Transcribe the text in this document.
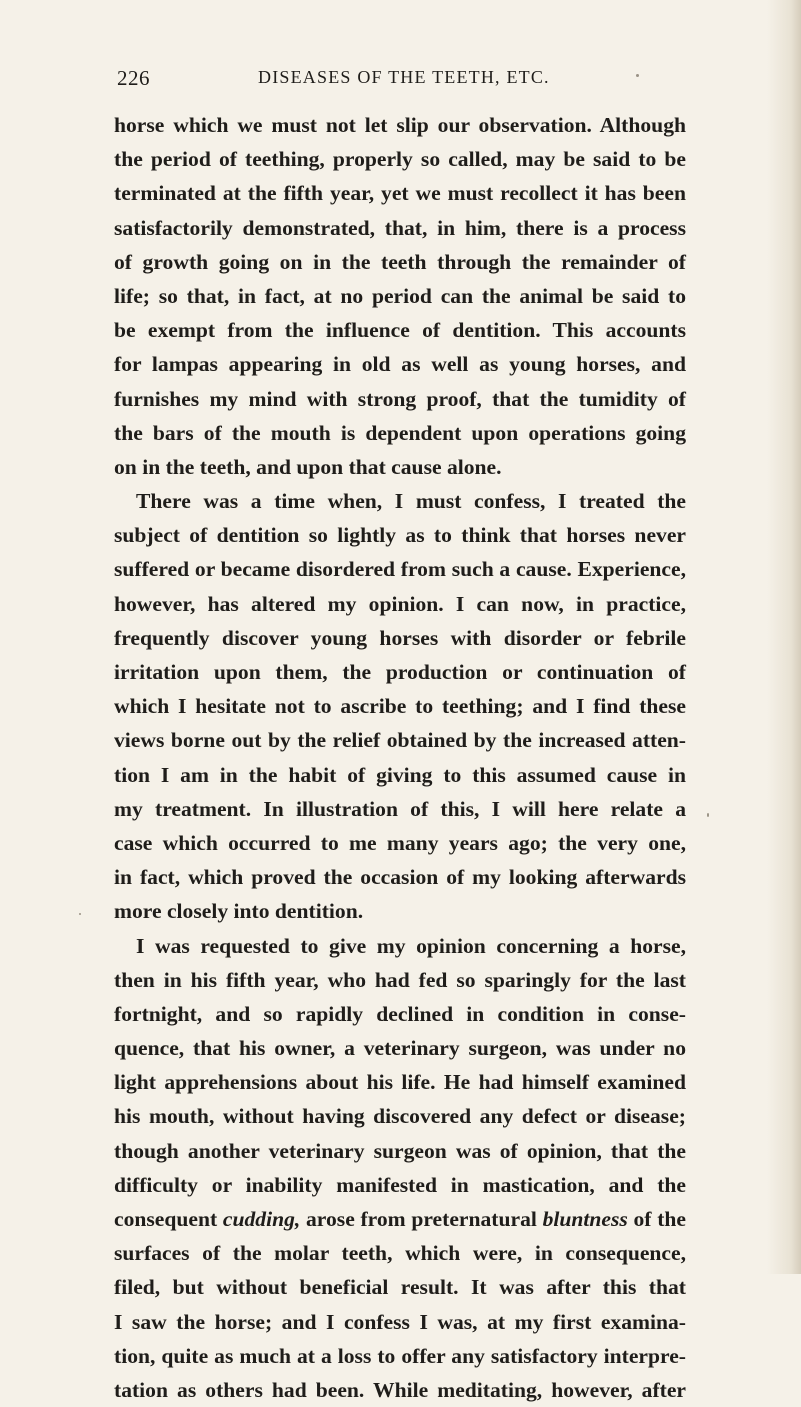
226	DISEASES OF THE TEETH, ETC.
horse which we must not let slip our observation. Although
the period of teething, properly so called, may be said to be
terminated at the fifth year, yet we must recollect it has been
satisfactorily demonstrated, that, in him, there is a process
of growth going on in the teeth through the remainder of
life; so that, in fact, at no period can the animal be said to
be exempt from the influence of dentition. This accounts
for lampas appearing in old as well as young horses, and
furnishes my mind with strong proof, that the tumidity of
the bars of the mouth is dependent upon operations going
on in the teeth, and upon that cause alone.
There was a time when, I must confess, I treated the
subject of dentition so lightly as to think that horses never
suffered or became disordered from such a cause. Experience,
however, has altered my opinion. I can now, in practice,
frequently discover young horses with disorder or febrile
irritation upon them, the production or continuation of
which I hesitate not to ascribe to teething; and I find these
views borne out by the relief obtained by the increased atten-
tion I am in the habit of giving to this assumed cause in
my treatment. In illustration of this, I will here relate a
case which occurred to me many years ago; the very one,
in fact, which proved the occasion of my looking afterwards
more closely into dentition.
I was requested to give my opinion concerning a horse,
then in his fifth year, who had fed so sparingly for the last
fortnight, and so rapidly declined in condition in conse-
quence, that his owner, a veterinary surgeon, was under no
light apprehensions about his life. He had himself examined
his mouth, without having discovered any defect or disease;
though another veterinary surgeon was of opinion, that the
difficulty or inability manifested in mastication, and the
consequent cudding, arose from preternatural bluntness of the
surfaces of the molar teeth, which were, in consequence,
filed, but without beneficial result. It was after this that
I saw the horse; and I confess I was, at my first examina-
tion, quite as much at a loss to offer any satisfactory interpre-
tation as others had been. While meditating, however, after
